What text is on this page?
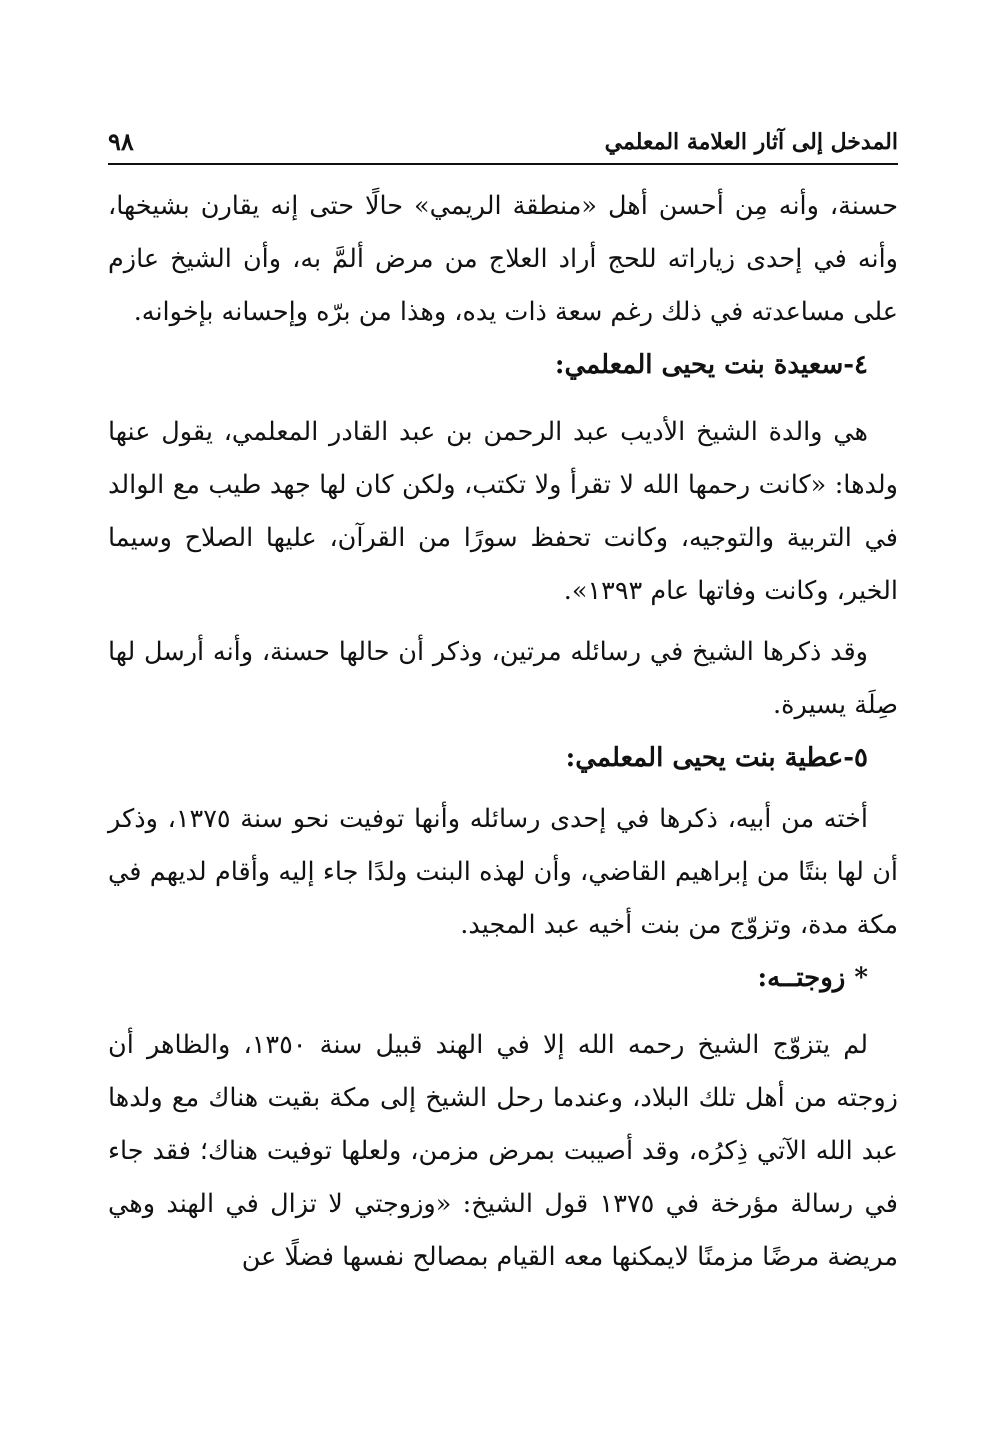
المدخل إلى آثار العلامة المعلمي
٩٨

حسنة، وأنه مِن أحسن أهل «منطقة الريمي» حالًا حتى إنه يقارن بشيخها، وأنه في إحدى زياراته للحج أراد العلاج من مرض ألمَّ به، وأن الشيخ عازم على مساعدته في ذلك رغم سعة ذات يده، وهذا من برّه وإحسانه بإخوانه.

٤-سعيدة بنت يحيى المعلمي:

هي والدة الشيخ الأديب عبد الرحمن بن عبد القادر المعلمي، يقول عنها ولدها: «كانت رحمها الله لا تقرأ ولا تكتب، ولكن كان لها جهد طيب مع الوالد في التربية والتوجيه، وكانت تحفظ سورًا من القرآن، عليها الصلاح وسيما الخير، وكانت وفاتها عام ١٣٩٣».

وقد ذكرها الشيخ في رسائله مرتين، وذكر أن حالها حسنة، وأنه أرسل لها صِلَة يسيرة.

٥-عطية بنت يحيى المعلمي:

أخته من أبيه، ذكرها في إحدى رسائله وأنها توفيت نحو سنة ١٣٧٥، وذكر أن لها بنتًا من إبراهيم القاضي، وأن لهذه البنت ولدًا جاء إليه وأقام لديهم في مكة مدة، وتزوّج من بنت أخيه عبد المجيد.

* زوجتــه:

لم يتزوّج الشيخ رحمه الله إلا في الهند قبيل سنة ١٣٥٠، والظاهر أن زوجته من أهل تلك البلاد، وعندما رحل الشيخ إلى مكة بقيت هناك مع ولدها عبد الله الآتي ذِكرُه، وقد أصيبت بمرض مزمن، ولعلها توفيت هناك؛ فقد جاء في رسالة مؤرخة في ١٣٧٥ قول الشيخ: «وزوجتي لا تزال في الهند وهي مريضة مرضًا مزمنًا لايمكنها معه القيام بمصالح نفسها فضلًا عن
